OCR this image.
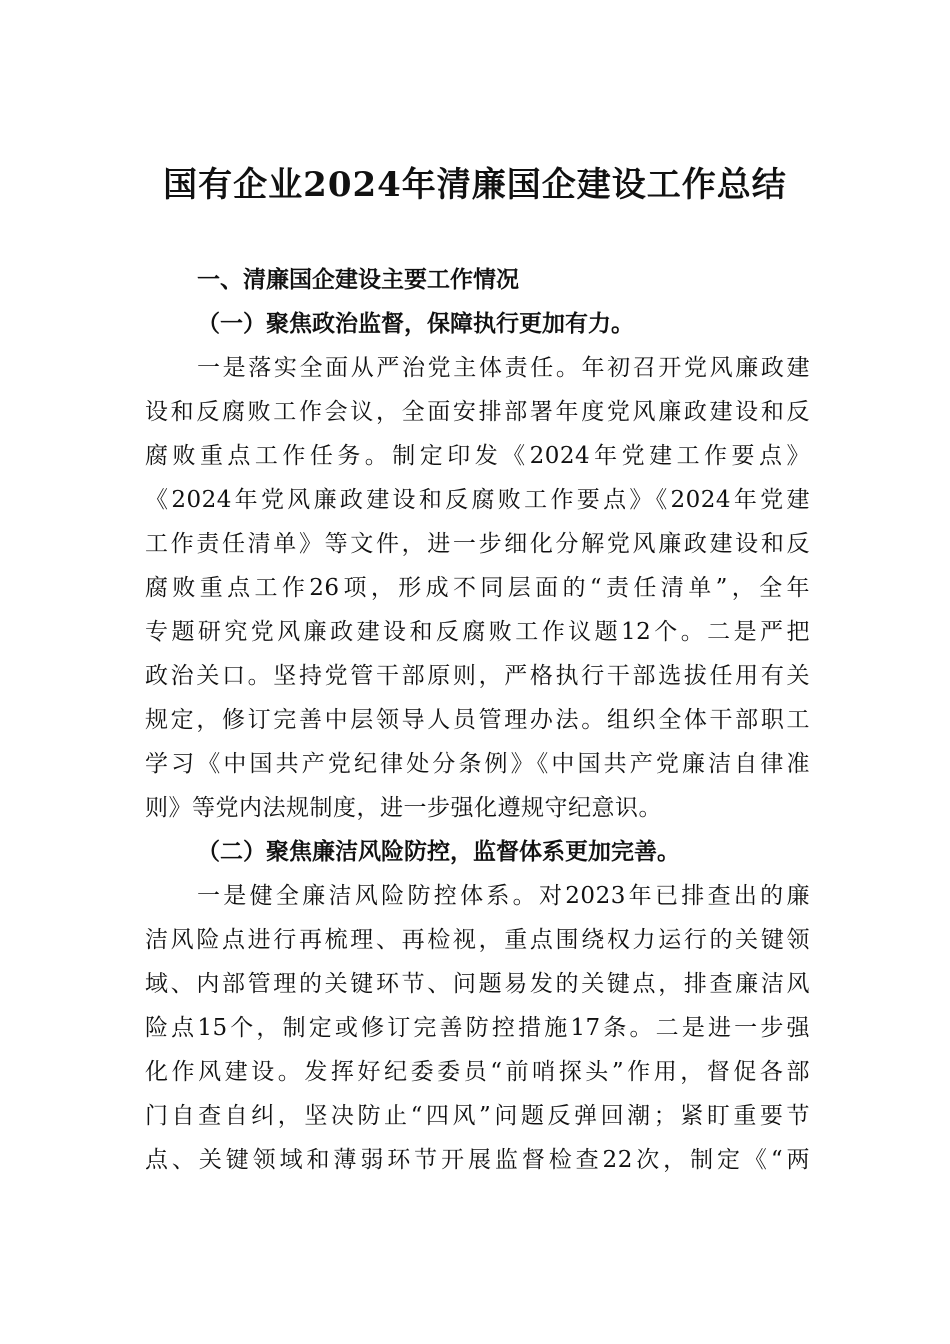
国有企业2024年清廉国企建设工作总结

一、清廉国企建设主要工作情况

（一）聚焦政治监督，保障执行更加有力。

一是落实全面从严治党主体责任。年初召开党风廉政建
设和反腐败工作会议，全面安排部署年度党风廉政建设和反
腐败重点工作任务。制定印发《2024年党建工作要点》
《2024年党风廉政建设和反腐败工作要点》《2024年党建
工作责任清单》等文件，进一步细化分解党风廉政建设和反
腐败重点工作26项，形成不同层面的“责任清单”，全年
专题研究党风廉政建设和反腐败工作议题12个。二是严把
政治关口。坚持党管干部原则，严格执行干部选拔任用有关
规定，修订完善中层领导人员管理办法。组织全体干部职工
学习《中国共产党纪律处分条例》《中国共产党廉洁自律准
则》等党内法规制度，进一步强化遵规守纪意识。

（二）聚焦廉洁风险防控，监督体系更加完善。

一是健全廉洁风险防控体系。对2023年已排查出的廉
洁风险点进行再梳理、再检视，重点围绕权力运行的关键领
域、内部管理的关键环节、问题易发的关键点，排查廉洁风
险点15个，制定或修订完善防控措施17条。二是进一步强
化作风建设。发挥好纪委委员“前哨探头”作用，督促各部
门自查自纠，坚决防止“四风”问题反弹回潮；紧盯重要节
点、关键领域和薄弱环节开展监督检查22次，制定《“两
